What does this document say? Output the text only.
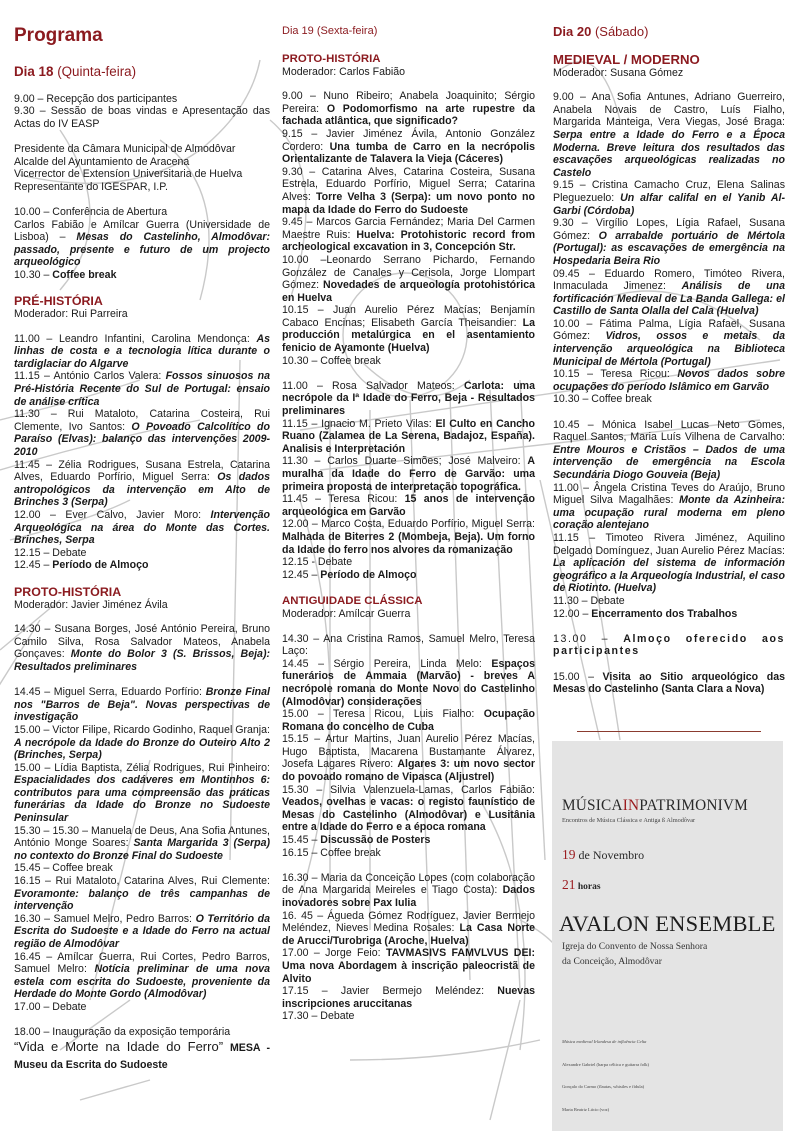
Programa
Dia 18 (Quinta-feira)

9.00 – Recepção dos participantes

9.30 – Sessão de boas vindas e Apresentação das Actas do IV EASP

Presidente da Câmara Municipal de Almodôvar

Alcalde del Ayuntamiento de Aracena

Vicerrector de Extensíon Universitaria de Huelva

Representante do IGESPAR, I.P.

10.00 – Conferência de Abertura

Carlos Fabião e Amílcar Guerra (Universidade de Lisboa) – Mesas do Castelinho, Almodôvar: passado, presente e futuro de um projecto arqueológico

10.30 – Coffee break

PRÉ-HISTÓRIA

Moderador: Rui Parreira

11.00 – Leandro Infantini, Carolina Mendonça: As linhas de costa e a tecnologia lítica durante o tardiglaciar do Algarve

11.15 – António Carlos Valera: Fossos sinuosos na Pré-História Recente do Sul de Portugal: ensaio de análise crítica

11.30 – Rui Mataloto, Catarina Costeira, Rui Clemente, Ivo Santos: O Povoado Calcolítico do Paraíso (Elvas): balanço das intervenções 2009-2010

11.45 – Zélia Rodrigues, Susana Estrela, Catarina Alves, Eduardo Porfírio, Miguel Serra: Os dados antropológicos da intervenção em Alto de Brinches 3 (Serpa)

12.00 – Ever Calvo, Javier Moro: Intervenção Arqueológica na área do Monte das Cortes. Brinches, Serpa

12.15 – Debate

12.45 – Período de Almoço

PROTO-HISTÓRIA

Moderador: Javier Jiménez Ávila

14.30 – Susana Borges, José António Pereira, Bruno Camilo Silva, Rosa Salvador Mateos, Anabela Gonçaves: Monte do Bolor 3 (S. Brissos, Beja): Resultados preliminares

14.45 – Miguel Serra, Eduardo Porfírio: Bronze Final nos "Barros de Beja". Novas perspectivas de investigação

15.00 – Victor Filipe, Ricardo Godinho, Raquel Granja: A necrópole da Idade do Bronze do Outeiro Alto 2 (Brinches, Serpa)

15.00 – Lídia Baptista, Zélia Rodrigues, Rui Pinheiro: Espacialidades dos cadáveres em Montinhos 6: contributos para uma compreensão das práticas funerárias da Idade do Bronze no Sudoeste Peninsular

15.30 – 15.30 – Manuela de Deus, Ana Sofia Antunes, António Monge Soares: Santa Margarida 3 (Serpa) no contexto do Bronze Final do Sudoeste

15.45 – Coffee break

16.15 – Rui Mataloto, Catarina Alves, Rui Clemente: Evoramonte: balanço de três campanhas de intervenção

16.30 – Samuel Melro, Pedro Barros: O Território da Escrita do Sudoeste e a Idade do Ferro na actual região de Almodôvar

16.45 – Amílcar Guerra, Rui Cortes, Pedro Barros, Samuel Melro: Notícia preliminar de uma nova estela com escrita do Sudoeste, proveniente da Herdade do Monte Gordo (Almodôvar)

17.00 – Debate

18.00 – Inauguração da exposição temporária

“Vida e Morte na Idade do Ferro” MESA - Museu da Escrita do Sudoeste

Dia 19 (Sexta-feira)
PROTO-HISTÓRIA

Moderador: Carlos Fabião

9.00 – Nuno Ribeiro; Anabela Joaquinito; Sérgio Pereira: O Podomorfismo na arte rupestre da fachada atlântica, que significado?

9.15 – Javier Jiménez Ávila, Antonio González Cordero: Una tumba de Carro en la necrópolis Orientalizante de Talavera la Vieja (Cáceres)

9.30 – Catarina Alves, Catarina Costeira, Susana Estrela, Eduardo Porfírio, Miguel Serra; Catarina Alves: Torre Velha 3 (Serpa): um novo ponto no mapa da Idade do Ferro do Sudoeste

9.45 – Marcos Garcia Fernández; Maria Del Carmen Maestre Ruis: Huelva: Protohistoric record from archeological excavation in 3, Concepción Str.

10.00 –Leonardo Serrano Pichardo, Fernando González de Canales y Cerisola, Jorge Llompart Gómez: Novedades de arqueología protohistórica en Huelva

10.15 – Juan Aurelio Pérez Macías; Benjamín Cabaco Encinas; Elisabeth García Theisandier: La producción metalúrgica en el asentamiento fenicio de Ayamonte (Huelva)

10.30 – Coffee break

11.00 – Rosa Salvador Mateos: Carlota: uma necrópole da Iª Idade do Ferro, Beja - Resultados preliminares

11.15 – Ignacio M. Prieto Vilas: El Culto en Cancho Ruano (Zalamea de La Serena, Badajoz, España). Analisis e Interpretación

11.30 – Carlos Duarte Simões; José Malveiro: A muralha da Idade do Ferro de Garvão: uma primeira proposta de interpretação topográfica.

11.45 – Teresa Ricou: 15 anos de intervenção arqueológica em Garvão

12.00 – Marco Costa, Eduardo Porfírio, Miguel Serra: Malhada de Biterres 2 (Mombeja, Beja). Um forno da Idade do ferro nos alvores da romanização

12.15 - Debate

12.45 – Período de Almoço

ANTIGUIDADE CLÁSSICA

Moderador: Amílcar Guerra

14.30 – Ana Cristina Ramos, Samuel Melro, Teresa Laço:

14.45 – Sérgio Pereira, Linda Melo: Espaços funerários de Ammaia (Marvão) - breves A necrópole romana do Monte Novo do Castelinho (Almodôvar) considerações

15.00 – Teresa Ricou, Luis Fialho: Ocupação Romana do concelho de Cuba

15.15 – Artur Martins, Juan Aurelio Pérez Macías, Hugo Baptista, Macarena Bustamante Álvarez, Josefa Lagares Rivero: Algares 3: um novo sector do povoado romano de Vipasca (Aljustrel)

15.30 – Silvia Valenzuela-Lamas, Carlos Fabião: Veados, ovelhas e vacas: o registo faunístico de Mesas do Castelinho (Almodôvar) e Lusitânia entre a Idade do Ferro e a época romana

15.45 – Discussão de Posters

16.15 – Coffee break

16.30 – Maria da Conceição Lopes (com colaboração de Ana Margarida Meireles e Tiago Costa): Dados inovadores sobre Pax Iulia

16. 45 – Águeda Gómez Rodríguez, Javier Bermejo Meléndez, Nieves Medina Rosales: La Casa Norte de Arucci/Turobriga (Aroche, Huelva)

17.00 – Jorge Feio: TAVMASIVS FAMVLVUS DEI: Uma nova Abordagem à inscrição paleocristã de Alvito

17.15 – Javier Bermejo Meléndez: Nuevas inscripciones aruccitanas

17.30 – Debate

Dia 20 (Sábado)
MEDIEVAL / MODERNO

Moderador: Susana Gómez

9.00 – Ana Sofia Antunes, Adriano Guerreiro, Anabela Novais de Castro, Luís Fialho, Margarida Manteiga, Vera Viegas, José Braga: Serpa entre a Idade do Ferro e a Época Moderna. Breve leitura dos resultados das escavações arqueológicas realizadas no Castelo

9.15 – Cristina Camacho Cruz, Elena Salinas Pleguezuelo: Un alfar califal en el Yanib Al-Garbi (Córdoba)

9.30 – Virgílio Lopes, Lígia Rafael, Susana Gómez: O arrabalde portuário de Mértola (Portugal): as escavações de emergência na Hospedaria Beira Rio

09.45 – Eduardo Romero, Timóteo Rivera, Inmaculada Jimenez: Análisis de una fortificación Medieval de La Banda Gallega: el Castillo de Santa Olalla del Cala (Huelva)

10.00 – Fátima Palma, Lígia Rafael, Susana Gómez: Vidros, ossos e metais da intervenção arqueológica na Biblioteca Municipal de Mértola (Portugal)

10.15 – Teresa Ricou: Novos dados sobre ocupações do período Islâmico em Garvão

10.30 – Coffee break

10.45 – Mónica Isabel Lucas Neto Gomes, Raquel Santos, Maria Luís Vilhena de Carvalho: Entre Mouros e Cristãos – Dados de uma intervenção de emergência na Escola Secundária Diogo Gouveia (Beja)

11.00 – Ângela Cristina Teves do Araújo, Bruno Miguel Silva Magalhães: Monte da Azinheira: uma ocupação rural moderna em pleno coração alentejano

11.15 – Timoteo Rivera Jiménez, Aquilino Delgado Domínguez, Juan Aurelio Pérez Macías: La aplicación del sistema de información geográfico a la Arqueología Industrial, el caso de Riotinto. (Huelva)

11.30 – Debate

12.00 – Encerramento dos Trabalhos

13.00 – Almoço oferecido aos participantes

15.00 – Visita ao Sitio arqueológico das Mesas do Castelinho (Santa Clara a Nova)

MÚSICAINPATRIMONIVM
Encontros de Música Clássica e Antiga ß Almodôvar
19 de Novembro
21 horas
AVALON ENSEMBLE
Igreja do Convento de Nossa Senhora
da Conceição, Almodôvar
Música medieval Irlandesa de influência Celta
Alexandre Gabriel (harpa céltica e guitarra folk)
Gonçalo do Carmo (flautas, whistles e fídula)
Marta Beatriz Lúcio (voz)
